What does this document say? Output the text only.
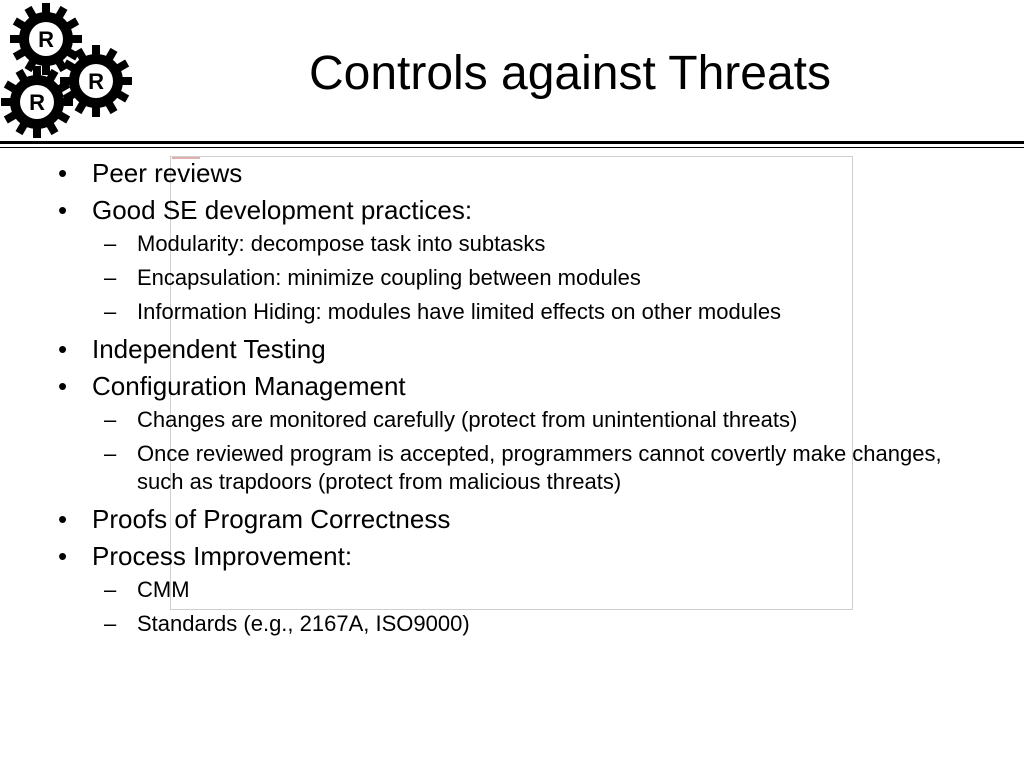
R
R
R
Controls against Threats
• Peer reviews
• Good SE development practices:
– Modularity: decompose task into subtasks
– Encapsulation: minimize coupling between modules
– Information Hiding: modules have limited effects on other modules
• Independent Testing
• Configuration Management
– Changes are monitored carefully (protect from unintentional threats)
– Once reviewed program is accepted, programmers cannot covertly make changes, such as trapdoors (protect from malicious threats)
• Proofs of Program Correctness
• Process Improvement:
– CMM
– Standards (e.g., 2167A, ISO9000)
